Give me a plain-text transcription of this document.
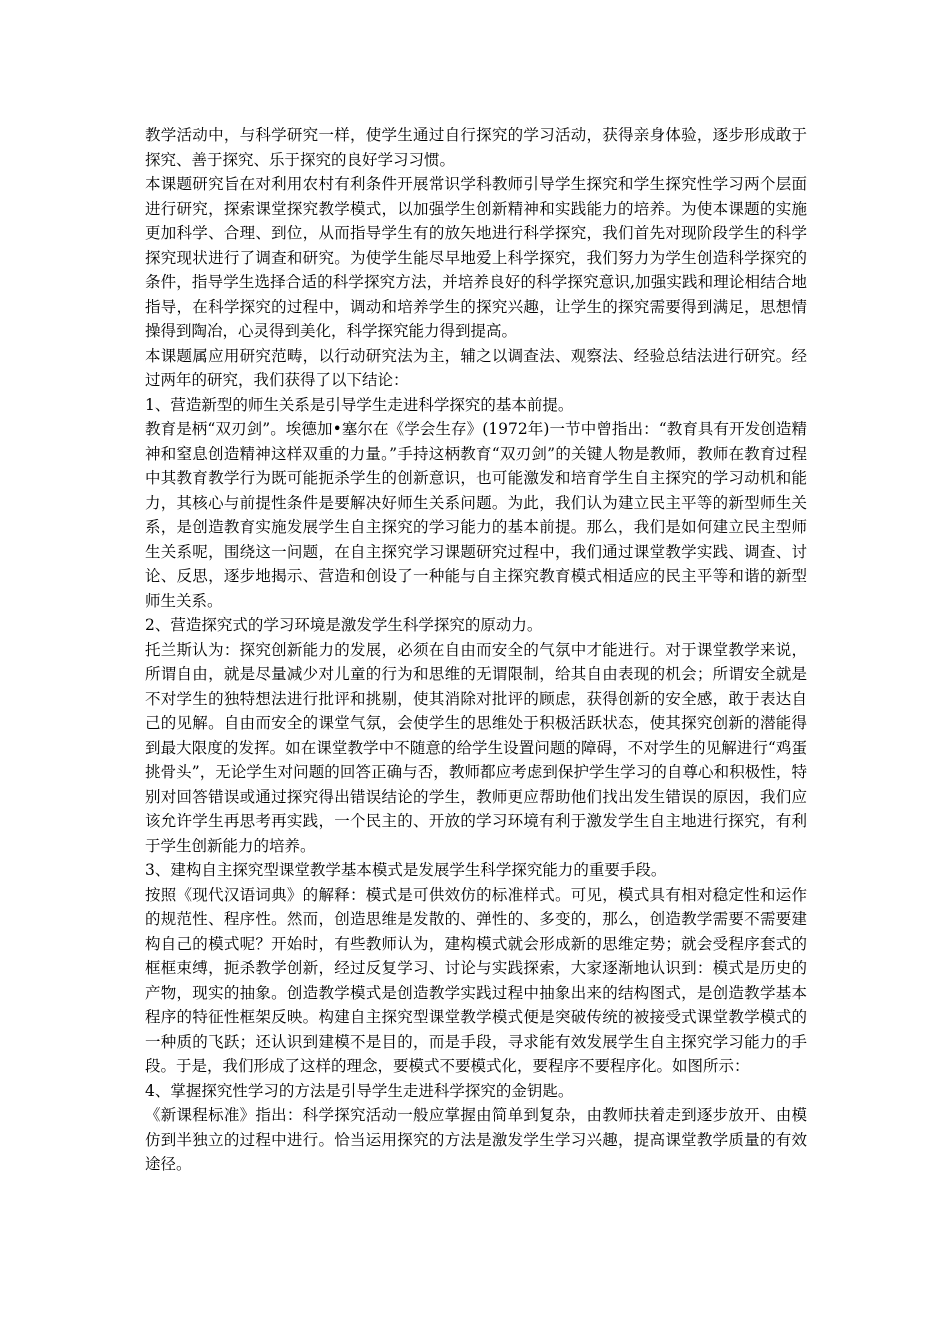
教学活动中，与科学研究一样，使学生通过自行探究的学习活动，获得亲身体验，逐步形成敢于探究、善于探究、乐于探究的良好学习习惯。

本课题研究旨在对利用农村有利条件开展常识学科教师引导学生探究和学生探究性学习两个层面进行研究，探索课堂探究教学模式，以加强学生创新精神和实践能力的培养。为使本课题的实施更加科学、合理、到位，从而指导学生有的放矢地进行科学探究，我们首先对现阶段学生的科学探究现状进行了调查和研究。为使学生能尽早地爱上科学探究，我们努力为学生创造科学探究的条件，指导学生选择合适的科学探究方法，并培养良好的科学探究意识,加强实践和理论相结合地指导，在科学探究的过程中，调动和培养学生的探究兴趣，让学生的探究需要得到满足，思想情操得到陶冶，心灵得到美化，科学探究能力得到提高。

本课题属应用研究范畴，以行动研究法为主，辅之以调查法、观察法、经验总结法进行研究。经过两年的研究，我们获得了以下结论：

1、营造新型的师生关系是引导学生走进科学探究的基本前提。

教育是柄“双刃剑”。埃德加•塞尔在《学会生存》(1972年)一节中曾指出：“教育具有开发创造精神和窒息创造精神这样双重的力量。”手持这柄教育“双刃剑”的关键人物是教师，教师在教育过程中其教育教学行为既可能扼杀学生的创新意识，也可能激发和培育学生自主探究的学习动机和能力，其核心与前提性条件是要解决好师生关系问题。为此，我们认为建立民主平等的新型师生关系，是创造教育实施发展学生自主探究的学习能力的基本前提。那么，我们是如何建立民主型师生关系呢，围绕这一问题，在自主探究学习课题研究过程中，我们通过课堂教学实践、调查、讨论、反思，逐步地揭示、营造和创设了一种能与自主探究教育模式相适应的民主平等和谐的新型师生关系。

2、营造探究式的学习环境是激发学生科学探究的原动力。

托兰斯认为：探究创新能力的发展，必须在自由而安全的气氛中才能进行。对于课堂教学来说，所谓自由，就是尽量减少对儿童的行为和思维的无谓限制，给其自由表现的机会；所谓安全就是不对学生的独特想法进行批评和挑剔，使其消除对批评的顾虑，获得创新的安全感，敢于表达自己的见解。自由而安全的课堂气氛，会使学生的思维处于积极活跃状态，使其探究创新的潜能得到最大限度的发挥。如在课堂教学中不随意的给学生设置问题的障碍，不对学生的见解进行“鸡蛋挑骨头”，无论学生对问题的回答正确与否，教师都应考虑到保护学生学习的自尊心和积极性，特别对回答错误或通过探究得出错误结论的学生，教师更应帮助他们找出发生错误的原因，我们应该允许学生再思考再实践，一个民主的、开放的学习环境有利于激发学生自主地进行探究，有利于学生创新能力的培养。

3、建构自主探究型课堂教学基本模式是发展学生科学探究能力的重要手段。

按照《现代汉语词典》的解释：模式是可供效仿的标准样式。可见，模式具有相对稳定性和运作的规范性、程序性。然而，创造思维是发散的、弹性的、多变的，那么，创造教学需要不需要建构自己的模式呢？开始时，有些教师认为，建构模式就会形成新的思维定势；就会受程序套式的框框束缚，扼杀教学创新，经过反复学习、讨论与实践探索，大家逐渐地认识到：模式是历史的产物，现实的抽象。创造教学模式是创造教学实践过程中抽象出来的结构图式，是创造教学基本程序的特征性框架反映。构建自主探究型课堂教学模式便是突破传统的被接受式课堂教学模式的一种质的飞跃；还认识到建模不是目的，而是手段，寻求能有效发展学生自主探究学习能力的手段。于是，我们形成了这样的理念，要模式不要模式化，要程序不要程序化。如图所示：

4、掌握探究性学习的方法是引导学生走进科学探究的金钥匙。

《新课程标准》指出：科学探究活动一般应掌握由简单到复杂，由教师扶着走到逐步放开、由模仿到半独立的过程中进行。恰当运用探究的方法是激发学生学习兴趣，提高课堂教学质量的有效途径。
